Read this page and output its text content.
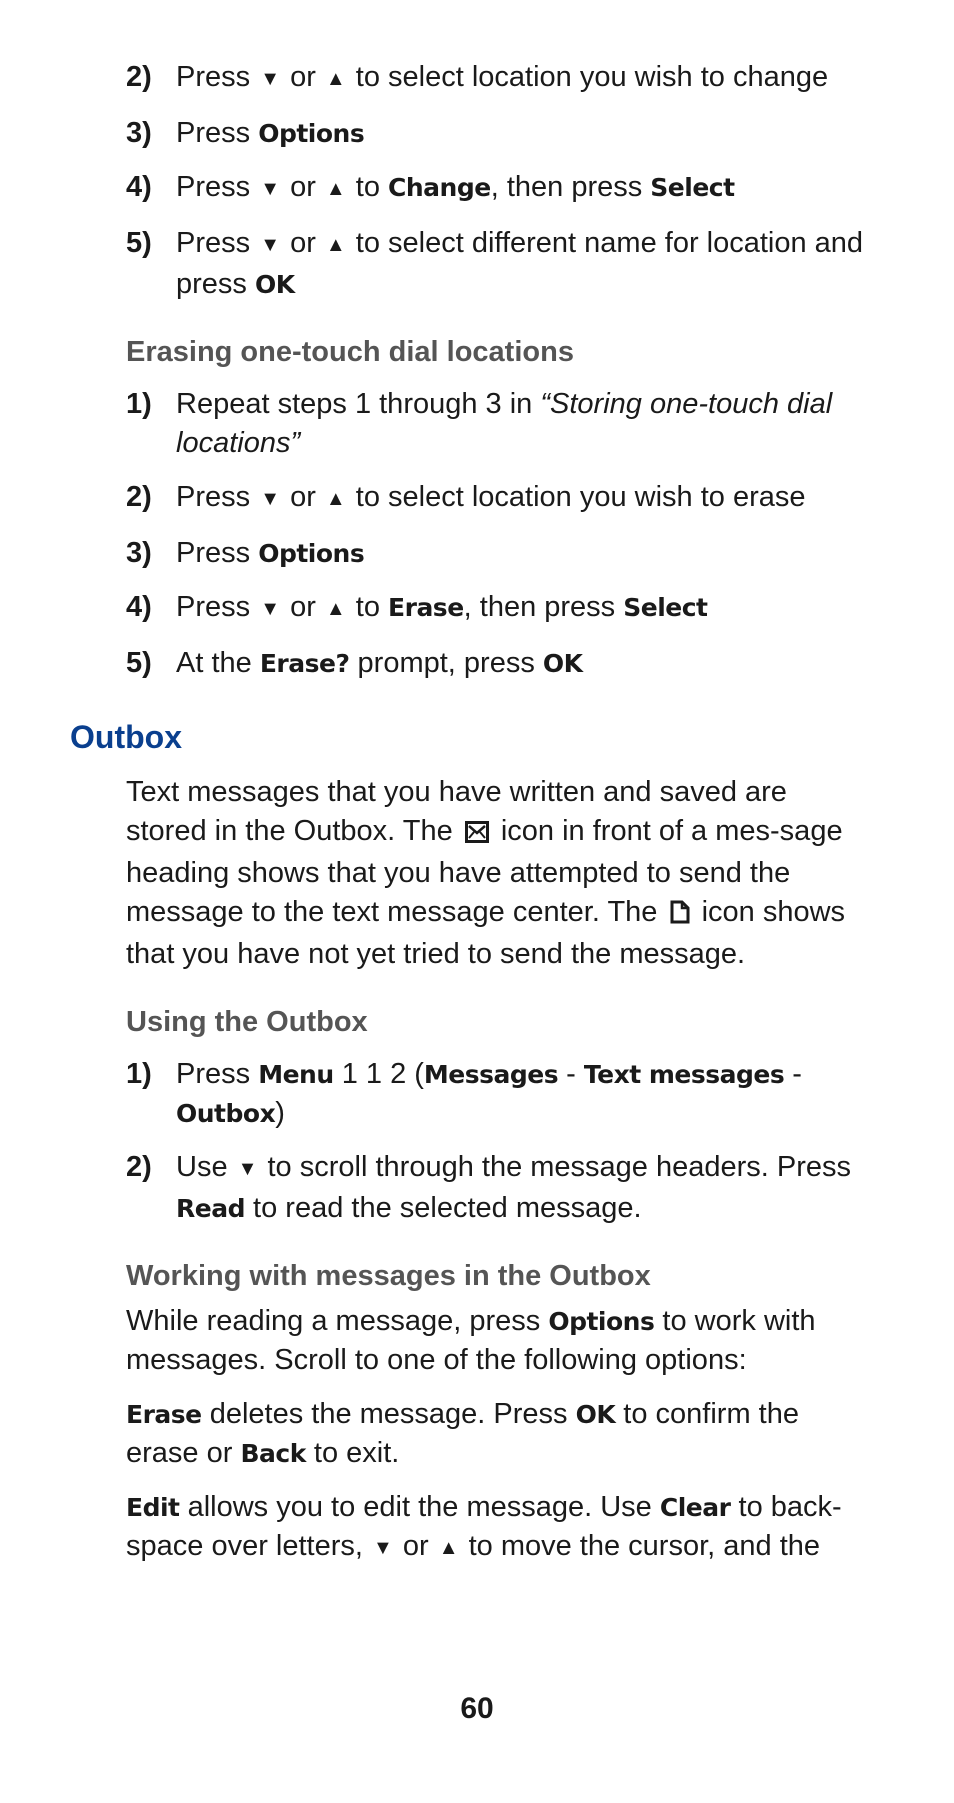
2) Press ▼ or ▲ to select location you wish to change
3) Press Options
4) Press ▼ or ▲ to Change, then press Select
5) Press ▼ or ▲ to select different name for location and press OK
Erasing one-touch dial locations
1) Repeat steps 1 through 3 in “Storing one-touch dial locations”
2) Press ▼ or ▲ to select location you wish to erase
3) Press Options
4) Press ▼ or ▲ to Erase, then press Select
5) At the Erase? prompt, press OK
Outbox
Text messages that you have written and saved are stored in the Outbox. The icon in front of a mes-sage heading shows that you have attempted to send the message to the text message center. The icon shows that you have not yet tried to send the message.
Using the Outbox
1) Press Menu 1 1 2 (Messages - Text messages - Outbox)
2) Use ▼ to scroll through the message headers. Press Read to read the selected message.
Working with messages in the Outbox
While reading a message, press Options to work with messages. Scroll to one of the following options:
Erase deletes the message. Press OK to confirm the erase or Back to exit.
Edit allows you to edit the message. Use Clear to back-space over letters, ▼ or ▲ to move the cursor, and the
60
